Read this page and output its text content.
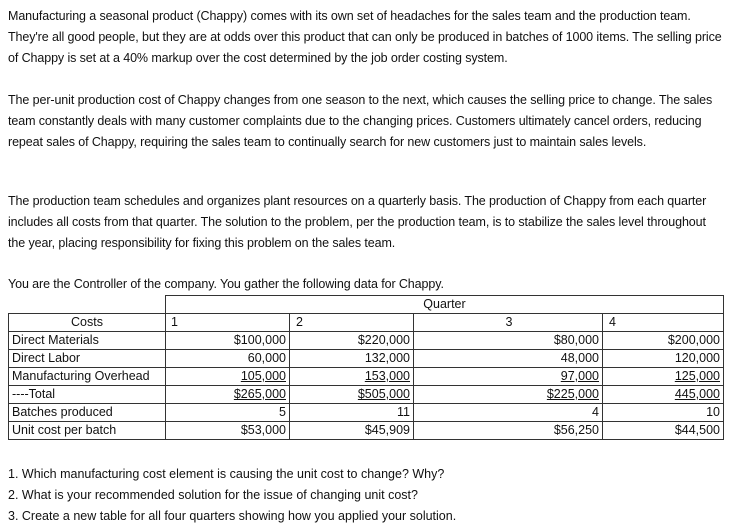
Manufacturing a seasonal product (Chappy) comes with its own set of headaches for the sales team and the production team. They're all good people, but they are at odds over this product that can only be produced in batches of 1000 items. The selling price of Chappy is set at a 40% markup over the cost determined by the job order costing system.

The per-unit production cost of Chappy changes from one season to the next, which causes the selling price to change. The sales team constantly deals with many customer complaints due to the changing prices. Customers ultimately cancel orders, reducing repeat sales of Chappy, requiring the sales team to continually search for new customers just to maintain sales levels.

The production team schedules and organizes plant resources on a quarterly basis. The production of Chappy from each quarter includes all costs from that quarter. The solution to the problem, per the production team, is to stabilize the sales level throughout the year, placing responsibility for fixing this problem on the sales team.

You are the Controller of the company. You gather the following data for Chappy.

	Quarter			
Costs	1	2	3	4
Direct Materials	$100,000	$220,000	$80,000	$200,000
Direct Labor	60,000	132,000	48,000	120,000
Manufacturing Overhead	105,000	153,000	97,000	125,000
----Total	$265,000	$505,000	$225,000	445,000
Batches produced	5	11	4	10
Unit cost per batch	$53,000	$45,909	$56,250	$44,500
1. Which manufacturing cost element is causing the unit cost to change? Why?
2. What is your recommended solution for the issue of changing unit cost?
3. Create a new table for all four quarters showing how you applied your solution.
